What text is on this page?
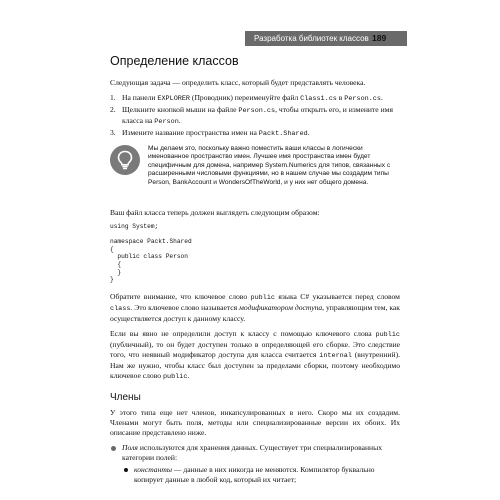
Разработка библиотек классов 189
Определение классов

Следующая задача — определить класс, который будет представлять человека.

1. На панели EXPLORER (Проводник) переименуйте файл Class1.cs в Person.cs.
2. Щелкните кнопкой мыши на файле Person.cs, чтобы открыть его, и измените имя класса на Person.
3. Измените название пространства имен на Packt.Shared.
Мы делаем это, поскольку важно поместить ваши классы в логически именованное пространство имен. Лучшее имя пространства имен будет специфичным для домена, например System.Numerics для типов, связанных с расширенными числовыми функциями, но в нашем случае мы создадим типы Person, BankAccount и WondersOfTheWorld, и у них нет общего домена.

Ваш файл класса теперь должен выглядеть следующим образом:

using System;
namespace Packt.Shared
{
public class Person
{
}
}

Обратите внимание, что ключевое слово public языка C# указывается перед словом class. Это ключевое слово называется модификатором доступа, управляющим тем, как осуществляется доступ к данному классу.

Если вы явно не определили доступ к классу с помощью ключевого слова public (публичный), то он будет доступен только в определяющей его сборке. Это следствие того, что неявный модификатор доступа для класса считается internal (внутренний). Нам же нужно, чтобы класс был доступен за пределами сборки, поэтому необходимо ключевое слово public.

Члены

У этого типа еще нет членов, инкапсулированных в него. Скоро мы их создадим. Членами могут быть поля, методы или специализированные версии их обоих. Их описание представлено ниже.

Поля используются для хранения данных. Существует три специализированных категории полей:
константы — данные в них никогда не меняются. Компилятор буквально копирует данные в любой код, который их читает;
